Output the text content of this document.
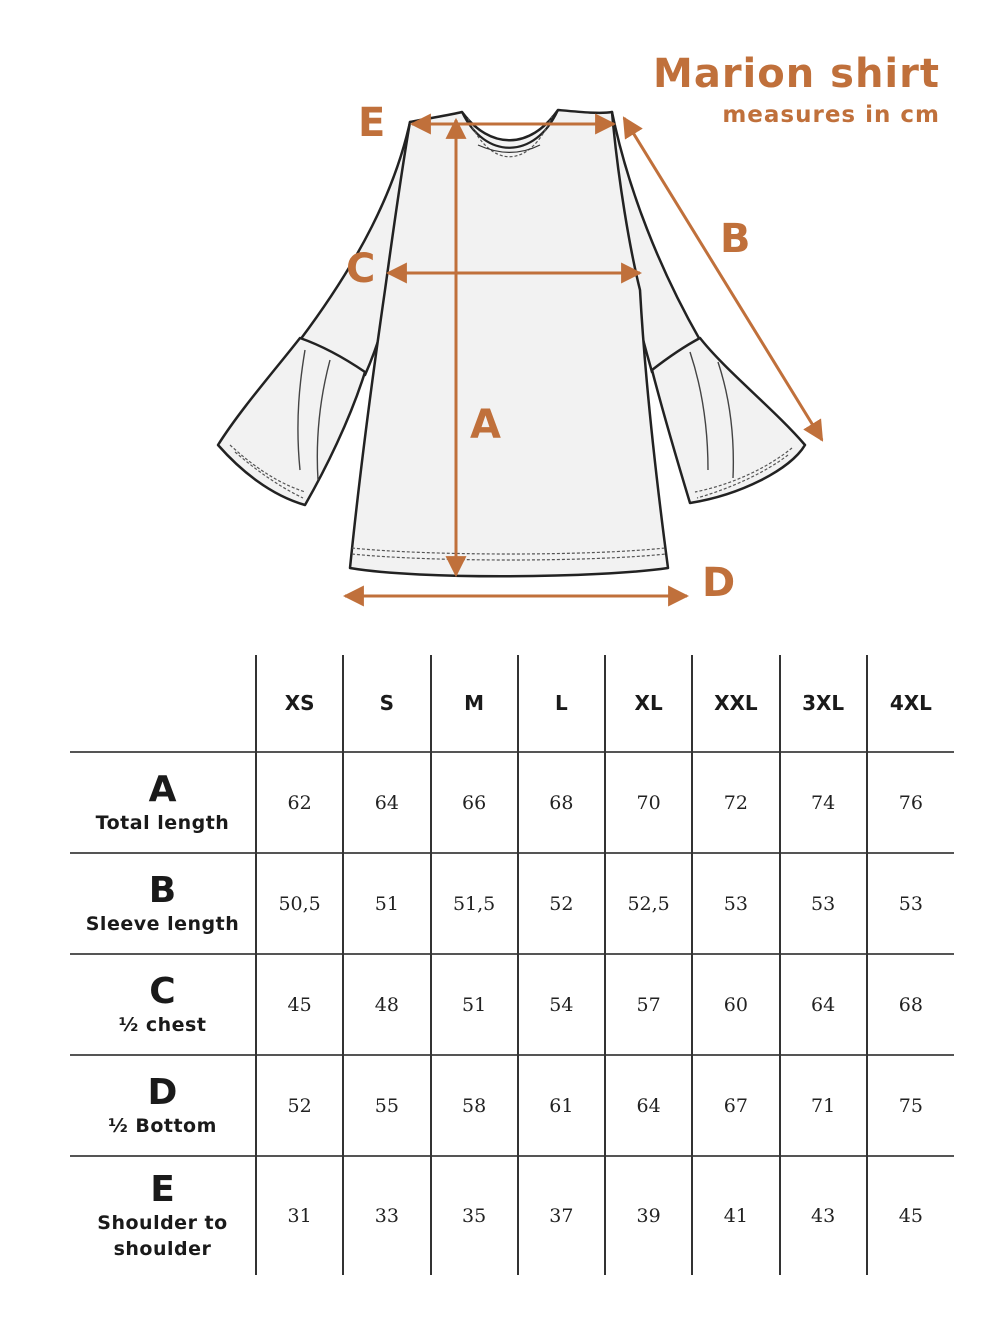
Marion shirt
measures in cm
A
B
C
D
E
	XS	S	M	L	XL	XXL	3XL	4XL

A
Total length	62	64	66	68	70	72	74	76

B
Sleeve length	50,5	51	51,5	52	52,5	53	53	53

C
½ chest	45	48	51	54	57	60	64	68

D
½ Bottom	52	55	58	61	64	67	71	75

E
Shoulder to shoulder	31	33	35	37	39	41	43	45
